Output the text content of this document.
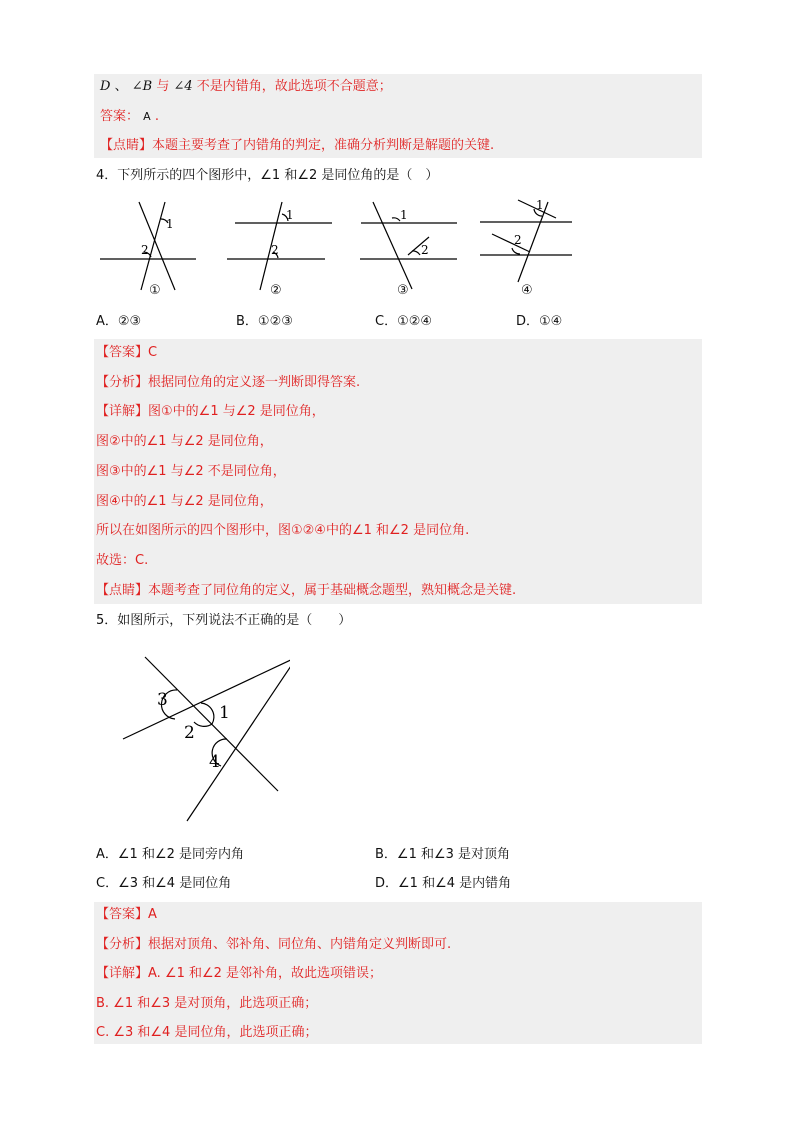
D 、 ∠B 与 ∠4 不是内错角，故此选项不合题意；
答案： A .
【点睛】本题主要考查了内错角的判定，准确分析判断是解题的关键.
4．下列所示的四个图形中，∠1 和∠2 是同位角的是（　）
1
2
1
2
1
2
1
2
①	②	③	④
A．②③	B．①②③	C．①②④	D．①④
【答案】C
【分析】根据同位角的定义逐一判断即得答案.
【详解】图①中的∠1 与∠2 是同位角，
图②中的∠1 与∠2 是同位角，
图③中的∠1 与∠2 不是同位角，
图④中的∠1 与∠2 是同位角，
所以在如图所示的四个图形中，图①②④中的∠1 和∠2 是同位角.
故选：C.
【点睛】本题考查了同位角的定义，属于基础概念题型，熟知概念是关键.
5．如图所示，下列说法不正确的是（　　）
3
1
2
4
A．∠1 和∠2 是同旁内角	B．∠1 和∠3 是对顶角
C．∠3 和∠4 是同位角	D．∠1 和∠4 是内错角
【答案】A
【分析】根据对顶角、邻补角、同位角、内错角定义判断即可.
【详解】A. ∠1 和∠2 是邻补角，故此选项错误；
B. ∠1 和∠3 是对顶角，此选项正确；
C. ∠3 和∠4 是同位角，此选项正确；
